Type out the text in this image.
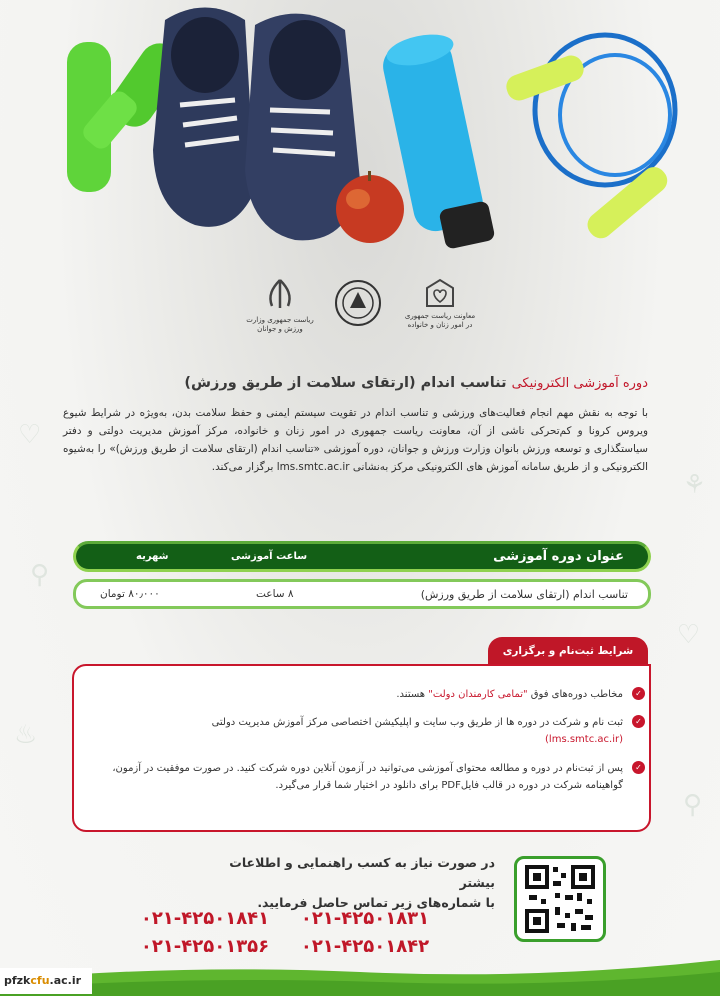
♡
⚲
♨
⚘
♡
⚲
ریاست جمهوری وزارت ورزش و جوانان
معاونت ریاست جمهوری
در امور زنان و خانواده
دوره آموزشی الکترونیکی تناسب اندام (ارتقای سلامت از طریق ورزش)

با توجه به نقش مهم انجام فعالیت‌های ورزشی و تناسب اندام در تقویت سیستم ایمنی و حفظ سلامت بدن، به‌ویژه در شرایط شیوع ویروس کرونا و کم‌تحرکی ناشی از آن، معاونت ریاست جمهوری در امور زنان و خانواده، مرکز آموزش مدیریت دولتی و دفتر سیاستگذاری و توسعه ورزش بانوان وزارت ورزش و جوانان، دوره آموزشی «تناسب اندام (ارتقای سلامت از طریق ورزش)» را به‌شیوه الکترونیکی و از طریق سامانه آموزش های الکترونیکی مرکز به‌نشانی lms.smtc.ac.ir برگزار می‌کند.

عنوان دوره آموزشی
ساعت آموزشی
شهریه
تناسب اندام (ارتقای سلامت از طریق ورزش)
۸ ساعت
۸۰٫۰۰۰ تومان
شرایط ثبت‌نام و برگزاری
✓
مخاطب دوره‌های فوق "تمامی کارمندان دولت" هستند.
✓
ثبت نام و شرکت در دوره ها از طریق وب سایت و اپلیکیشن اختصاصی مرکز آموزش مدیریت دولتی
(lms.smtc.ac.ir)
✓
پس از ثبت‌نام در دوره و مطالعه محتوای آموزشی می‌توانید در آزمون آنلاین دوره شرکت کنید. در صورت موفقیت در آزمون، گواهینامه شرکت در دوره در قالب فایلPDF برای دانلود در اختیار شما قرار می‌گیرد.
در صورت نیاز به کسب راهنمایی و اطلاعات بیشتر
با شماره‌های زیر تماس حاصل فرمایید.
۰۲۱-۴۲۵۰۱۸۴۱ ۰۲۱-۴۲۵۰۱۸۳۱ ۰۲۱-۴۲۵۰۱۳۵۶ ۰۲۱-۴۲۵۰۱۸۴۲
pfzkcfu.ac.ir
